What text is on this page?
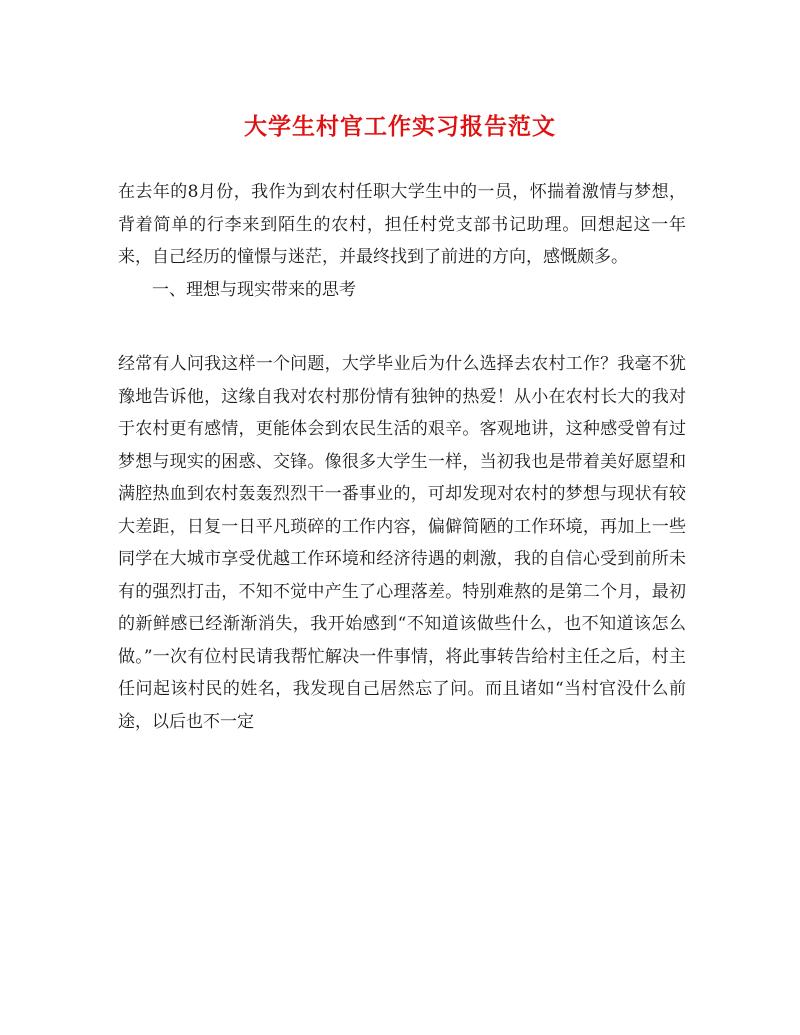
大学生村官工作实习报告范文

在去年的8月份，我作为到农村任职大学生中的一员，怀揣着激情与梦想，背着简单的行李来到陌生的农村，担任村党支部书记助理。回想起这一年来，自己经历的憧憬与迷茫，并最终找到了前进的方向，感慨颇多。

一、理想与现实带来的思考

经常有人问我这样一个问题，大学毕业后为什么选择去农村工作？我毫不犹豫地告诉他，这缘自我对农村那份情有独钟的热爱！从小在农村长大的我对于农村更有感情，更能体会到农民生活的艰辛。客观地讲，这种感受曾有过梦想与现实的困惑、交锋。像很多大学生一样，当初我也是带着美好愿望和满腔热血到农村轰轰烈烈干一番事业的，可却发现对农村的梦想与现状有较大差距，日复一日平凡琐碎的工作内容，偏僻简陋的工作环境，再加上一些同学在大城市享受优越工作环境和经济待遇的刺激，我的自信心受到前所未有的强烈打击，不知不觉中产生了心理落差。特别难熬的是第二个月，最初的新鲜感已经渐渐消失，我开始感到“不知道该做些什么，也不知道该怎么做。”一次有位村民请我帮忙解决一件事情，将此事转告给村主任之后，村主任问起该村民的姓名，我发现自己居然忘了问。而且诸如“当村官没什么前途，以后也不一定
